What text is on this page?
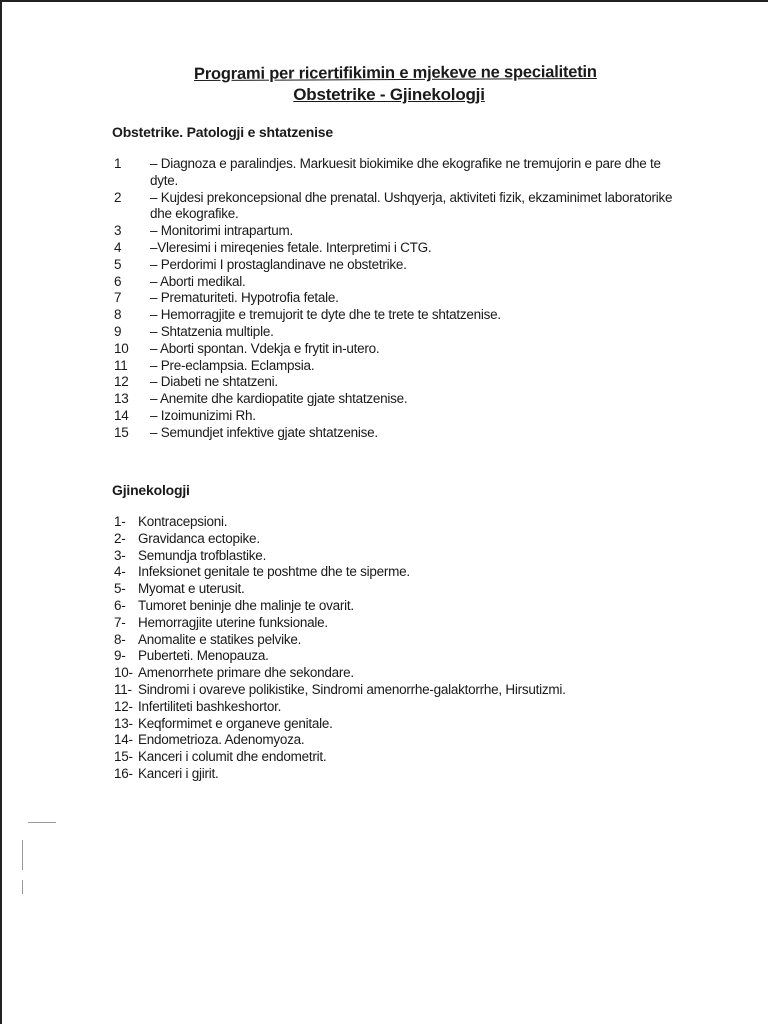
Programi per ricertifikimin e mjekeve ne specialitetin
Obstetrike - Gjinekologji
Obstetrike. Patologji e shtatzenise
1	– Diagnoza e paralindjes. Markuesit biokimike dhe ekografike ne tremujorin e pare dhe te dyte.
2	– Kujdesi prekoncepsional dhe prenatal. Ushqyerja, aktiviteti fizik, ekzaminimet laboratorike dhe ekografike.
3	– Monitorimi intrapartum.
4	–Vleresimi i mireqenies fetale. Interpretimi i CTG.
5	– Perdorimi I prostaglandinave ne obstetrike.
6	– Aborti medikal.
7	– Prematuriteti. Hypotrofia fetale.
8	– Hemorragjite e tremujorit te dyte dhe te trete te shtatzenise.
9	– Shtatzenia multiple.
10	– Aborti spontan. Vdekja e frytit in-utero.
11	– Pre-eclampsia. Eclampsia.
12	– Diabeti ne shtatzeni.
13	– Anemite dhe kardiopatite gjate shtatzenise.
14	– Izoimunizimi Rh.
15	– Semundjet infektive gjate shtatzenise.
Gjinekologji
1- Kontracepsioni.
2- Gravidanca ectopike.
3- Semundja trofblastike.
4- Infeksionet genitale te poshtme dhe te siperme.
5- Myomat e uterusit.
6- Tumoret beninje dhe malinje te ovarit.
7- Hemorragjite uterine funksionale.
8- Anomalite e statikes pelvike.
9- Puberteti. Menopauza.
10- Amenorrhete primare dhe sekondare.
11- Sindromi i ovareve polikistike, Sindromi amenorrhe-galaktorrhe, Hirsutizmi.
12- Infertiliteti bashkeshortor.
13- Keqformimet e organeve genitale.
14- Endometrioza. Adenomyoza.
15- Kanceri i columit dhe endometrit.
16- Kanceri i gjirit.
